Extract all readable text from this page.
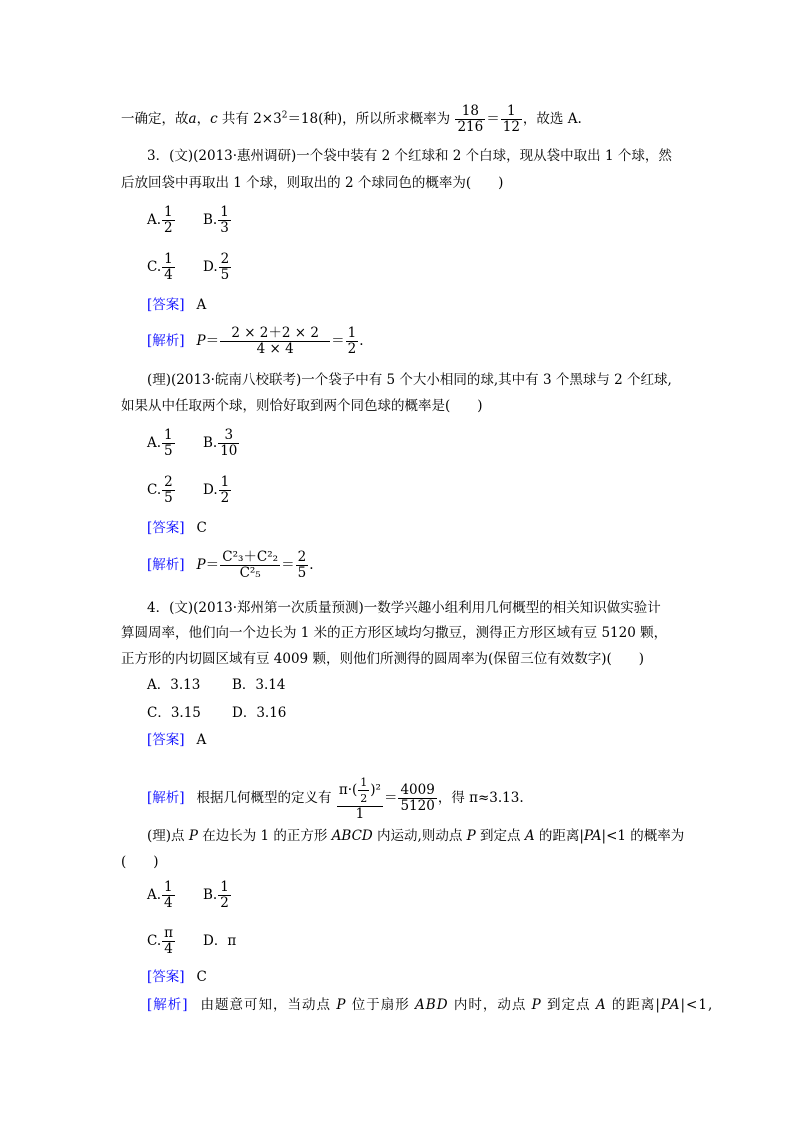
一确定，故a，c 共有 $2\times 3^2=18$(种)，所以所求概率为 $\frac{18}{216} = \frac{1}{12}$ ，故选 A.
3．(文)(2013·惠州调研)一个袋中装有 2 个红球和 2 个白球，现从袋中取出 1 个球，然
后放回袋中再取出 1 个球，则取出的 2 个球同色的概率为(　　)
A. $\frac{1}{2} B$. $\frac{1}{3}$
C. $\frac{1}{4} D$. $\frac{2}{5}$
[答案] A
[解析] $P= \frac{2 \times 2+2 \times 2}{4 \times 4} = \frac{1}{2}$ .
(理)(2013·皖南八校联考)一个袋子中有 5 个大小相同的球,其中有 3 个黑球与 2 个红球,
如果从中任取两个球，则恰好取到两个同色球的概率是(　　)
A. $\frac{1}{5} B$. $\frac{3}{10}$
C. $\frac{2}{5} D$. $\frac{1}{2}$
[答案] C
[解析] $P= \frac{\text{C²₃＋C²₂}}{\text{C²₅}} = \frac{2}{5}$ .
4．(文)(2013·郑州第一次质量预测)一数学兴趣小组利用几何概型的相关知识做实验计
算圆周率，他们向一个边长为 1 米的正方形区域均匀撒豆，测得正方形区域有豆 5120 颗，
正方形的内切圆区域有豆 4009 颗，则他们所测得的圆周率为(保留三位有效数字)(　　)
A．3.13 B．3.14
C．3.15 D．3.16
[答案] A
[解析] 根据几何概型的定义有 $\frac{\pi\cdot( \frac{1}{2} )^2}{1} = \frac{4009}{5120}$ ，得 π≈3.13.
(理)点 P 在边长为 1 的正方形 ABCD 内运动,则动点 P 到定点 A 的距离|PA|<1 的概率为
(　　)
A. $\frac{1}{4} B$. $\frac{1}{2}$
C. $\frac{\pi}{4}$ D．π
[答案] C
[解析] 由题意可知，当动点 P 位于扇形 ABD 内时，动点 P 到定点 A 的距离|PA|<1,
